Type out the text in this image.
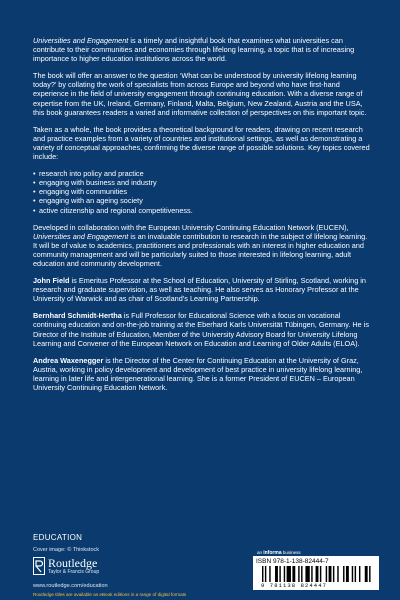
Universities and Engagement is a timely and insightful book that examines what universities can contribute to their communities and economies through lifelong learning, a topic that is of increasing importance to higher education institutions across the world.

The book will offer an answer to the question ‘What can be understood by university lifelong learning today?’ by collating the work of specialists from across Europe and beyond who have first-hand experience in the field of university engagement through continuing education. With a diverse range of expertise from the UK, Ireland, Germany, Finland, Malta, Belgium, New Zealand, Austria and the USA, this book guarantees readers a varied and informative collection of perspectives on this important topic.

Taken as a whole, the book provides a theoretical background for readers, drawing on recent research and practice examples from a variety of countries and institutional settings, as well as demonstrating a variety of conceptual approaches, confirming the diverse range of possible solutions. Key topics covered include:

• research into policy and practice
• engaging with business and industry
• engaging with communities
• engaging with an ageing society
• active citizenship and regional competitiveness.

Developed in collaboration with the European University Continuing Education Network (EUCEN), Universities and Engagement is an invaluable contribution to research in the subject of lifelong learning. It will be of value to academics, practitioners and professionals with an interest in higher education and community management and will be particularly suited to those interested in lifelong learning, adult education and community development.

John Field is Emeritus Professor at the School of Education, University of Stirling, Scotland, working in research and graduate supervision, as well as teaching. He also serves as Honorary Professor at the University of Warwick and as chair of Scotland’s Learning Partnership.

Bernhard Schmidt-Hertha is Full Professor for Educational Science with a focus on vocational continuing education and on-the-job training at the Eberhard Karls Universität Tübingen, Germany. He is Director of the Institute of Education, Member of the University Advisory Board for University Lifelong Learning and Convener of the European Network on Education and Learning of Older Adults (ELOA).

Andrea Waxenegger is the Director of the Center for Continuing Education at the University of Graz, Austria, working in policy development and development of best practice in university lifelong learning, learning in later life and intergenerational learning. She is a former President of EUCEN – European University Continuing Education Network.

EDUCATION
Cover image: © Thinkstock
Routledge
Taylor & Francis Group
www.routledge.com/education
Routledge titles are available as eBook editions in a range of digital formats
an informa business
ISBN 978-1-138-82444-7
9 781138 824447
